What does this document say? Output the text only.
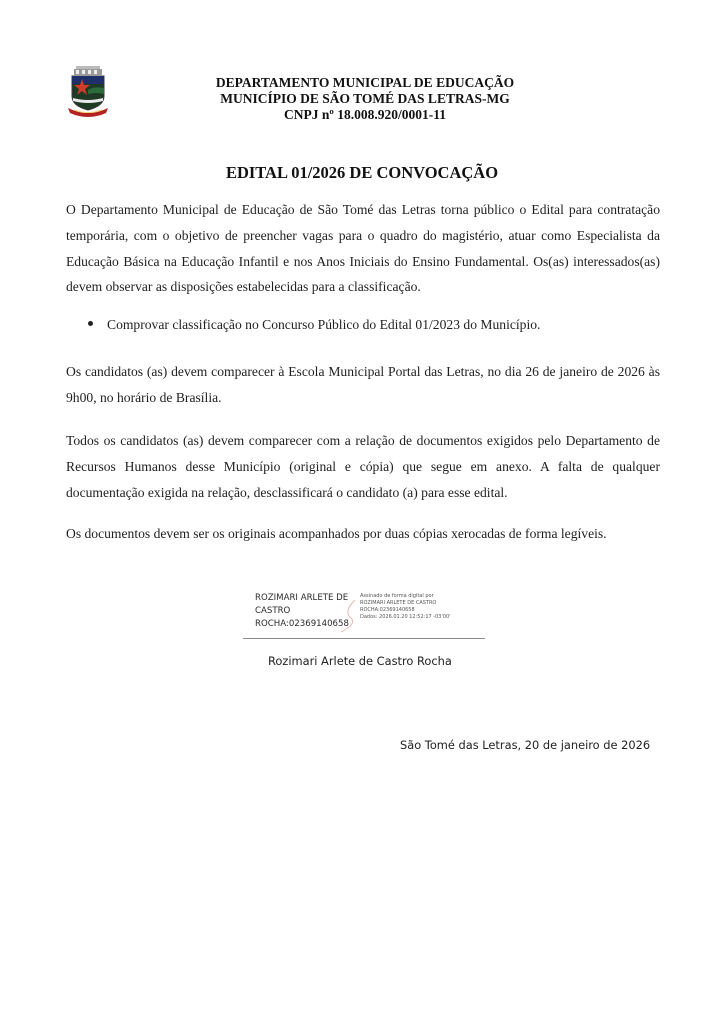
DEPARTAMENTO MUNICIPAL DE EDUCAÇÃO
MUNICÍPIO DE SÃO TOMÉ DAS LETRAS-MG
CNPJ nº 18.008.920/0001-11
EDITAL 01/2026 DE CONVOCAÇÃO
O Departamento Municipal de Educação de São Tomé das Letras torna público o Edital para contratação temporária, com o objetivo de preencher vagas para o quadro do magistério, atuar como Especialista da Educação Básica na Educação Infantil e nos Anos Iniciais do Ensino Fundamental. Os(as) interessados(as) devem observar as disposições estabelecidas para a classificação.
Comprovar classificação no Concurso Público do Edital 01/2023 do Município.
Os candidatos (as) devem comparecer à Escola Municipal Portal das Letras, no dia 26 de janeiro de 2026 às 9h00, no horário de Brasília.
Todos os candidatos (as) devem comparecer com a relação de documentos exigidos pelo Departamento de Recursos Humanos desse Município (original e cópia) que segue em anexo. A falta de qualquer documentação exigida na relação, desclassificará o candidato (a) para esse edital.
Os documentos devem ser os originais acompanhados por duas cópias xerocadas de forma legíveis.
ROZIMARI ARLETE DE
CASTRO
ROCHA:02369140658
Assinado de forma digital por
ROZIMARI ARLETE DE CASTRO
ROCHA:02369140658
Dados: 2026.01.20 12:52:17 -03'00'
Rozimari Arlete de Castro Rocha
São Tomé das Letras, 20 de janeiro de 2026
